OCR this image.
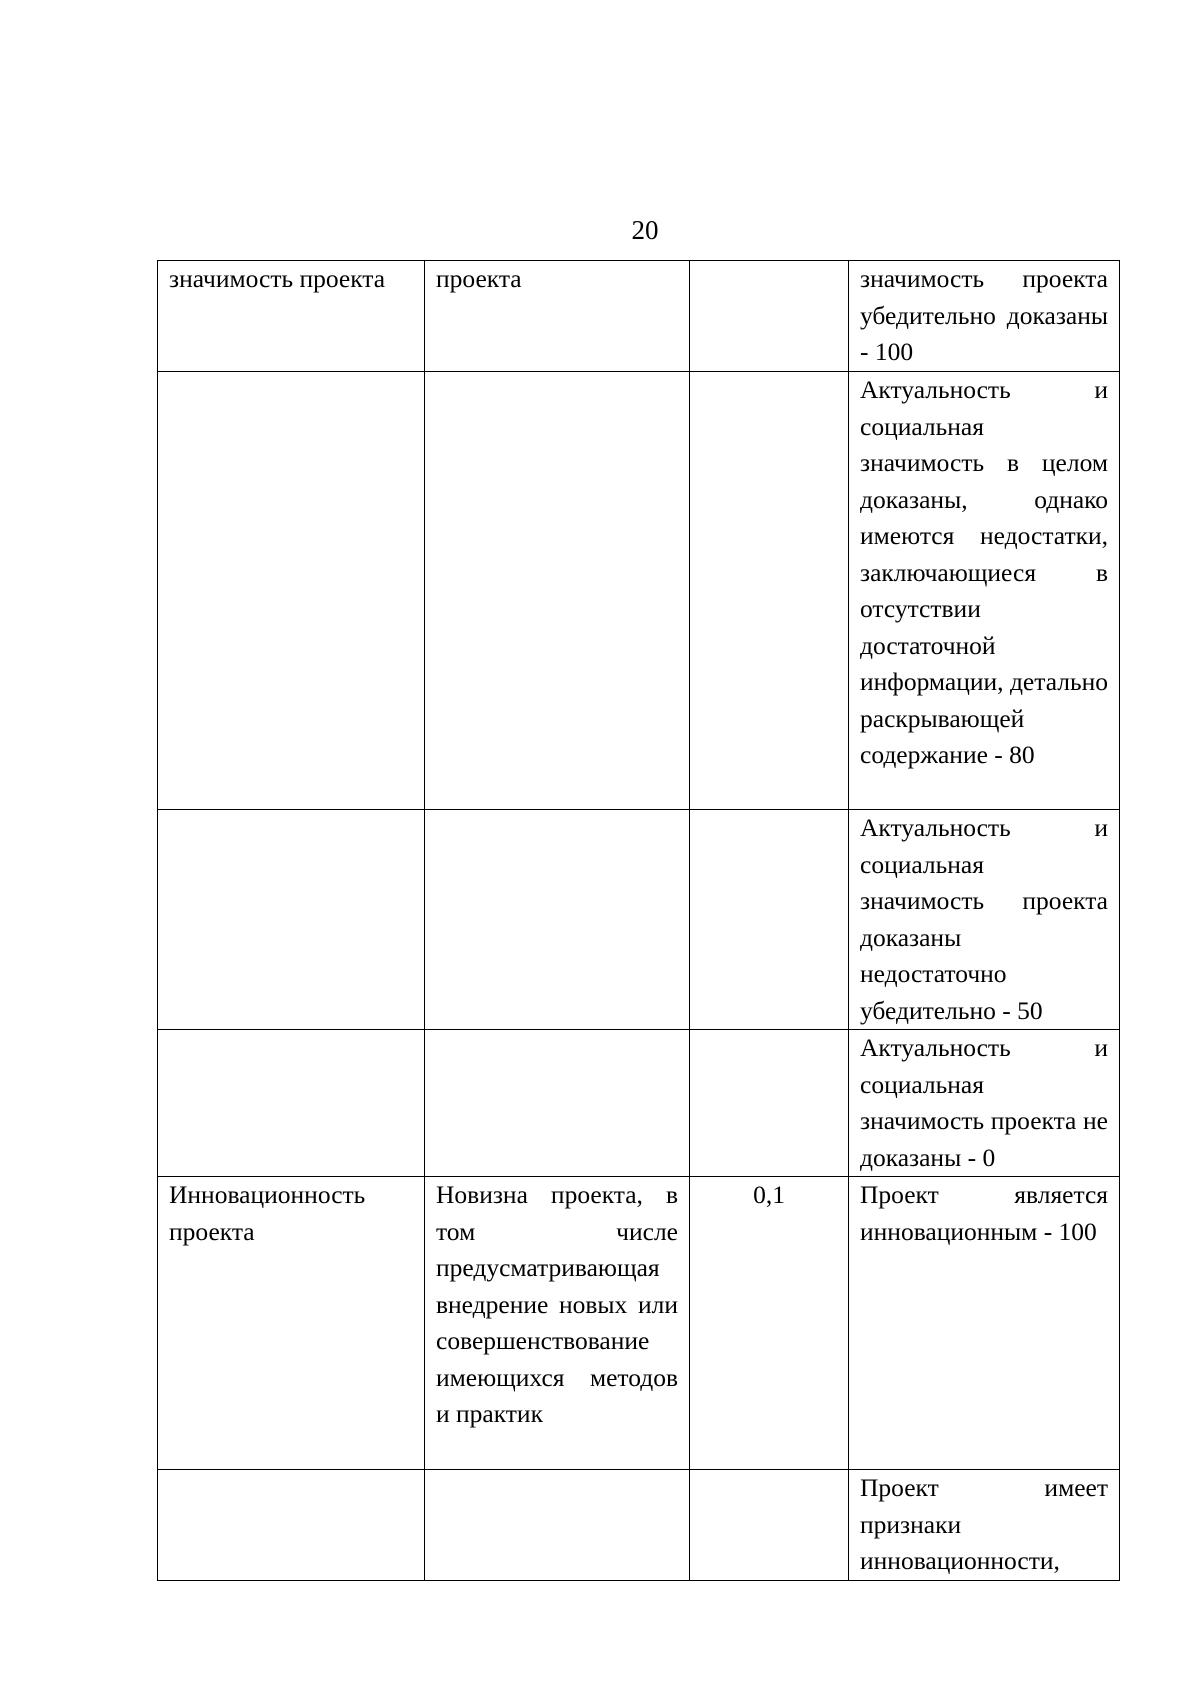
20
значимость проекта	проекта		значимость проекта убедительно доказаны - 100
			Актуальность и социальная значимость в целом доказаны, однако имеются недостатки, заключающиеся в отсутствии достаточной информации, детально раскрывающей содержание - 80
			Актуальность и социальная значимость проекта доказаны недостаточно убедительно - 50
			Актуальность и социальная значимость проекта не доказаны - 0
Инновационность проекта	Новизна проекта, в том числе предусматривающая внедрение новых или совершенствование имеющихся методов и практик	0,1	Проект является инновационным - 100
			Проект имеет признаки инновационности,
